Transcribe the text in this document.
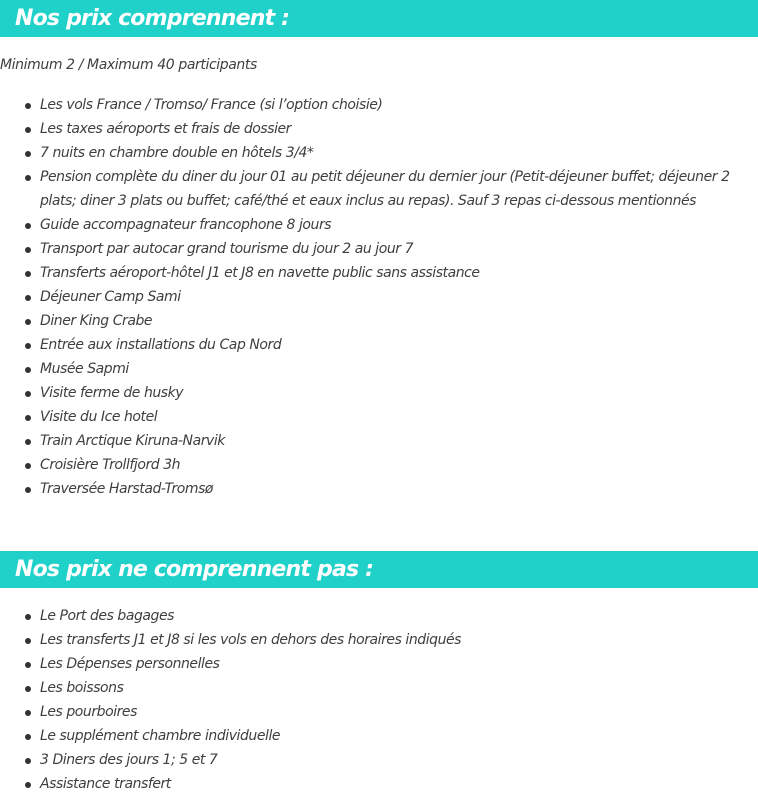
Nos prix comprennent :
Minimum 2 / Maximum 40 participants
Les vols France / Tromso/ France (si l’option choisie)
Les taxes aéroports et frais de dossier
7 nuits en chambre double en hôtels 3/4*
Pension complète du diner du jour 01 au petit déjeuner du dernier jour (Petit-déjeuner buffet; déjeuner 2 plats; diner 3 plats ou buffet; café/thé et eaux inclus au repas). Sauf 3 repas ci-dessous mentionnés
Guide accompagnateur francophone 8 jours
Transport par autocar grand tourisme du jour 2 au jour 7
Transferts aéroport-hôtel J1 et J8 en navette public sans assistance
Déjeuner Camp Sami
Diner King Crabe
Entrée aux installations du Cap Nord
Musée Sapmi
Visite ferme de husky
Visite du Ice hotel
Train Arctique Kiruna-Narvik
Croisière Trollfjord 3h
Traversée Harstad-Tromsø
Nos prix ne comprennent pas :
Le Port des bagages
Les transferts J1 et J8 si les vols en dehors des horaires indiqués
Les Dépenses personnelles
Les boissons
Les pourboires
Le supplément chambre individuelle
3 Diners des jours 1; 5 et 7
Assistance transfert
